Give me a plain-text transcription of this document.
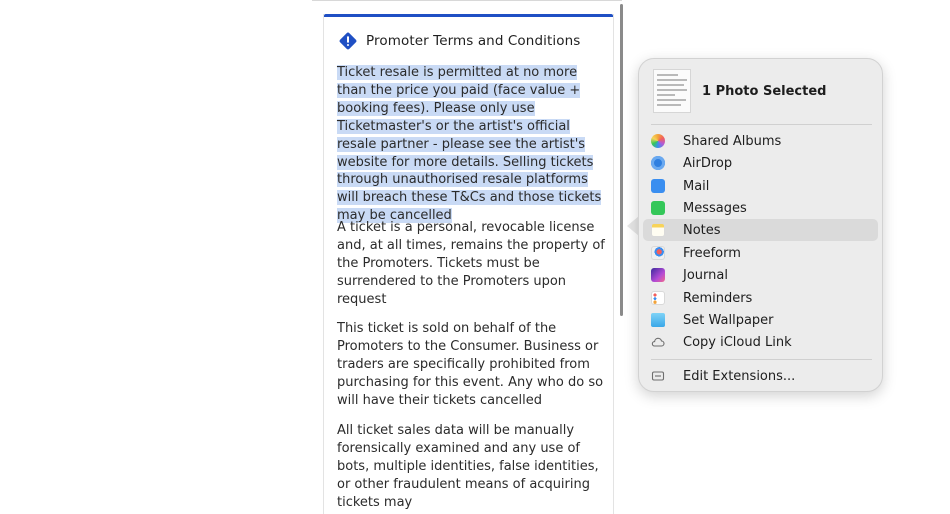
Promoter Terms and Conditions

Ticket resale is permitted at no more than the price you paid (face value + booking fees). Please only use Ticketmaster's or the artist's official resale partner - please see the artist's website for more details. Selling tickets through unauthorised resale platforms will breach these T&Cs and those tickets may be cancelled

A ticket is a personal, revocable license and, at all times, remains the property of the Promoters. Tickets must be surrendered to the Promoters upon request

This ticket is sold on behalf of the Promoters to the Consumer. Business or traders are specifically prohibited from purchasing for this event. Any who do so will have their tickets cancelled

All ticket sales data will be manually forensically examined and any use of bots, multiple identities, false identities, or other fraudulent means of acquiring tickets may

1 Photo Selected
Shared Albums
AirDrop
Mail
Messages
Notes
Freeform
Journal
Reminders
Set Wallpaper
Copy iCloud Link
Edit Extensions...
